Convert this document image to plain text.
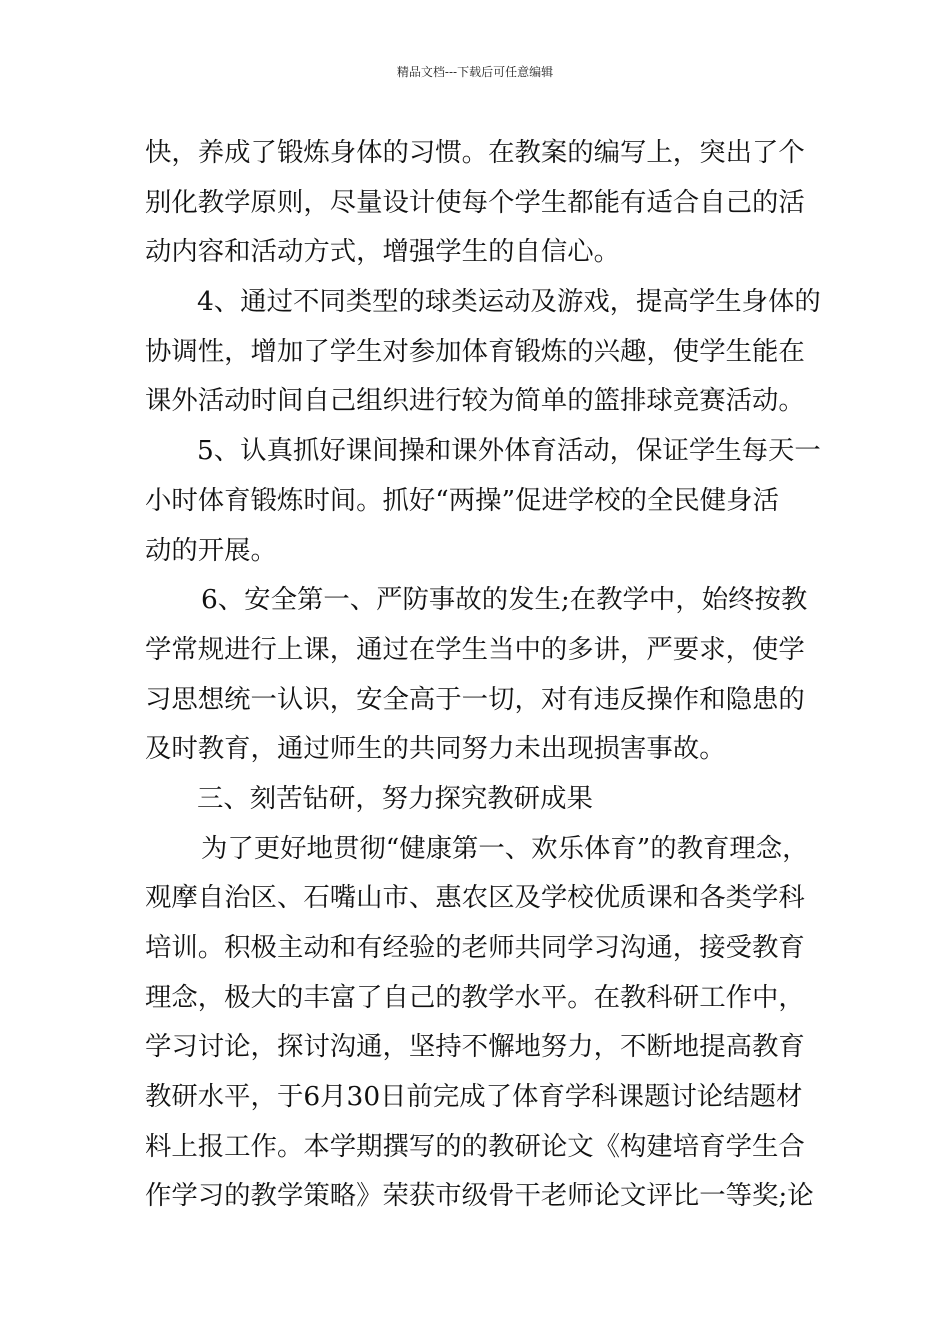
精品文档---下载后可任意编辑
快，养成了锻炼身体的习惯。在教案的编写上，突出了个
别化教学原则，尽量设计使每个学生都能有适合自己的活
动内容和活动方式，增强学生的自信心。
4、通过不同类型的球类运动及游戏，提高学生身体的
协调性，增加了学生对参加体育锻炼的兴趣，使学生能在
课外活动时间自己组织进行较为简单的篮排球竞赛活动。
5、认真抓好课间操和课外体育活动，保证学生每天一
小时体育锻炼时间。抓好“两操”促进学校的全民健身活
动的开展。
6、安全第一、严防事故的发生;在教学中，始终按教
学常规进行上课，通过在学生当中的多讲，严要求，使学
习思想统一认识，安全高于一切，对有违反操作和隐患的
及时教育，通过师生的共同努力未出现损害事故。
三、刻苦钻研，努力探究教研成果
为了更好地贯彻“健康第一、欢乐体育”的教育理念，
观摩自治区、石嘴山市、惠农区及学校优质课和各类学科
培训。积极主动和有经验的老师共同学习沟通，接受教育
理念，极大的丰富了自己的教学水平。在教科研工作中，
学习讨论，探讨沟通，坚持不懈地努力，不断地提高教育
教研水平，于6月30日前完成了体育学科课题讨论结题材
料上报工作。本学期撰写的的教研论文《构建培育学生合
作学习的教学策略》荣获市级骨干老师论文评比一等奖;论
